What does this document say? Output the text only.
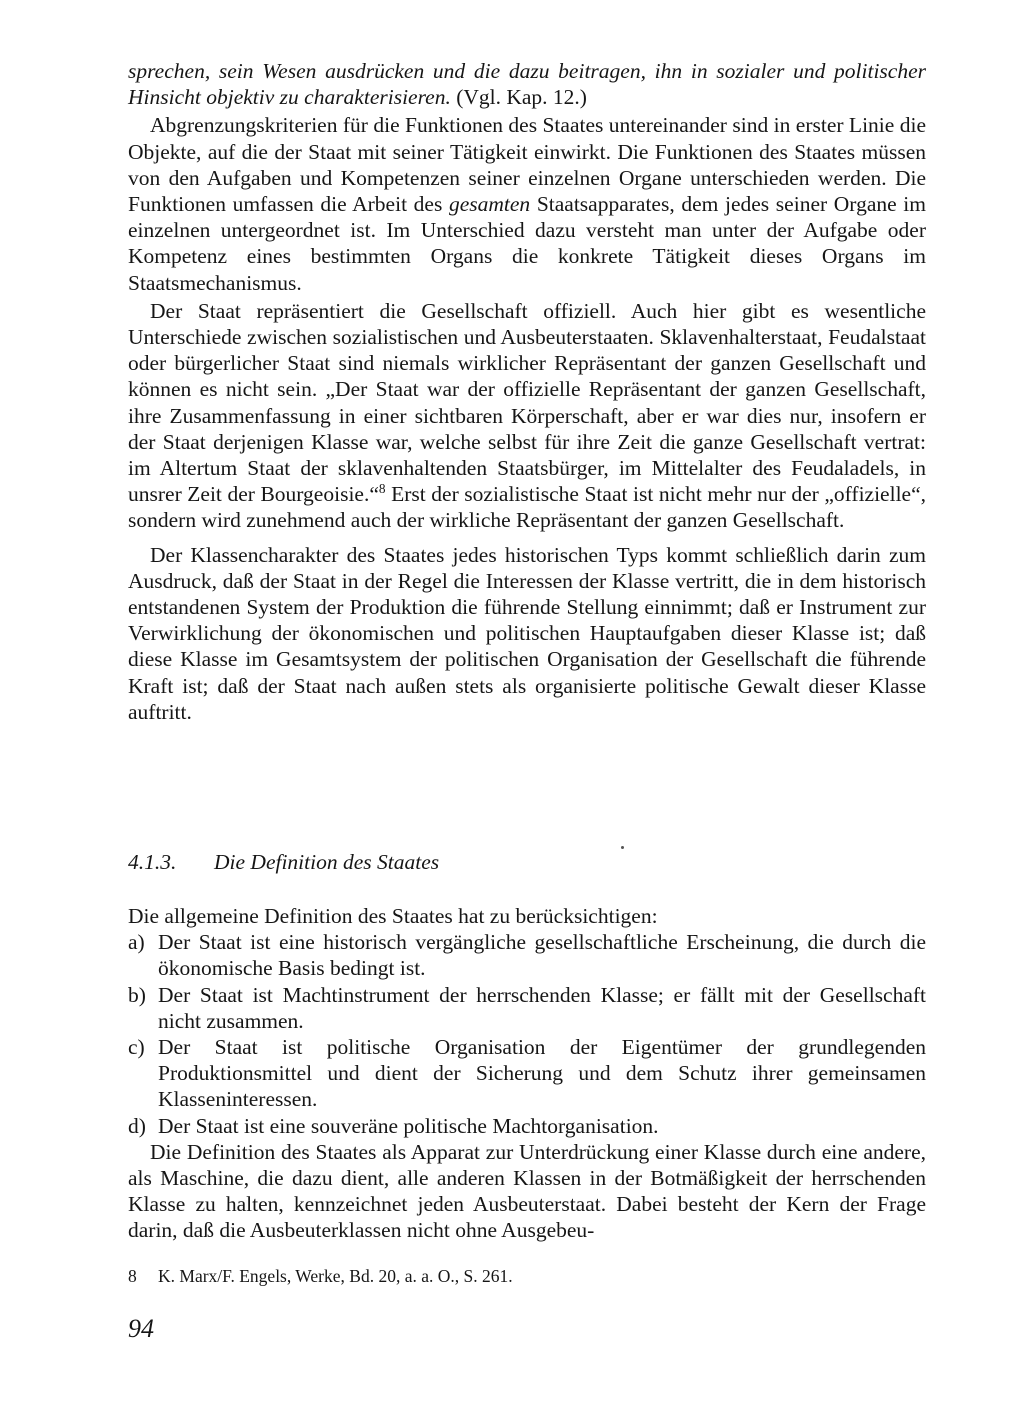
sprechen, sein Wesen ausdrücken und die dazu beitragen, ihn in sozialer und politischer Hinsicht objektiv zu charakterisieren. (Vgl. Kap. 12.)

Abgrenzungskriterien für die Funktionen des Staates untereinander sind in erster Linie die Objekte, auf die der Staat mit seiner Tätigkeit einwirkt. Die Funktionen des Staates müssen von den Aufgaben und Kompetenzen seiner einzelnen Organe unterschieden werden. Die Funktionen umfassen die Arbeit des gesamten Staatsapparates, dem jedes seiner Organe im einzelnen untergeordnet ist. Im Unterschied dazu versteht man unter der Aufgabe oder Kompetenz eines bestimmten Organs die konkrete Tätigkeit dieses Organs im Staatsmechanismus.

Der Staat repräsentiert die Gesellschaft offiziell. Auch hier gibt es wesentliche Unterschiede zwischen sozialistischen und Ausbeuterstaaten. Sklavenhalterstaat, Feudalstaat oder bürgerlicher Staat sind niemals wirklicher Repräsentant der ganzen Gesellschaft und können es nicht sein. „Der Staat war der offizielle Repräsentant der ganzen Gesellschaft, ihre Zusammenfassung in einer sichtbaren Körperschaft, aber er war dies nur, insofern er der Staat derjenigen Klasse war, welche selbst für ihre Zeit die ganze Gesellschaft vertrat: im Altertum Staat der sklavenhaltenden Staatsbürger, im Mittelalter des Feudaladels, in unsrer Zeit der Bourgeoisie.“$^8$ Erst der sozialistische Staat ist nicht mehr nur der „offizielle“, sondern wird zunehmend auch der wirkliche Repräsentant der ganzen Gesellschaft.

Der Klassencharakter des Staates jedes historischen Typs kommt schließlich darin zum Ausdruck, daß der Staat in der Regel die Interessen der Klasse vertritt, die in dem historisch entstandenen System der Produktion die führende Stellung einnimmt; daß er Instrument zur Verwirklichung der ökonomischen und politischen Hauptaufgaben dieser Klasse ist; daß diese Klasse im Gesamtsystem der politischen Organisation der Gesellschaft die führende Kraft ist; daß der Staat nach außen stets als organisierte politische Gewalt dieser Klasse auftritt.

4.1.3. Die Definition des Staates

Die allgemeine Definition des Staates hat zu berücksichtigen:

a) Der Staat ist eine historisch vergängliche gesellschaftliche Erscheinung, die durch die ökonomische Basis bedingt ist.
b) Der Staat ist Machtinstrument der herrschenden Klasse; er fällt mit der Gesellschaft nicht zusammen.
c) Der Staat ist politische Organisation der Eigentümer der grundlegenden Produktionsmittel und dient der Sicherung und dem Schutz ihrer gemeinsamen Klasseninteressen.
d) Der Staat ist eine souveräne politische Machtorganisation.

Die Definition des Staates als Apparat zur Unterdrückung einer Klasse durch eine andere, als Maschine, die dazu dient, alle anderen Klassen in der Botmäßigkeit der herrschenden Klasse zu halten, kennzeichnet jeden Ausbeuterstaat. Dabei besteht der Kern der Frage darin, daß die Ausbeuterklassen nicht ohne Ausgebeu-

8 K. Marx/F. Engels, Werke, Bd. 20, a. a. O., S. 261.
94
